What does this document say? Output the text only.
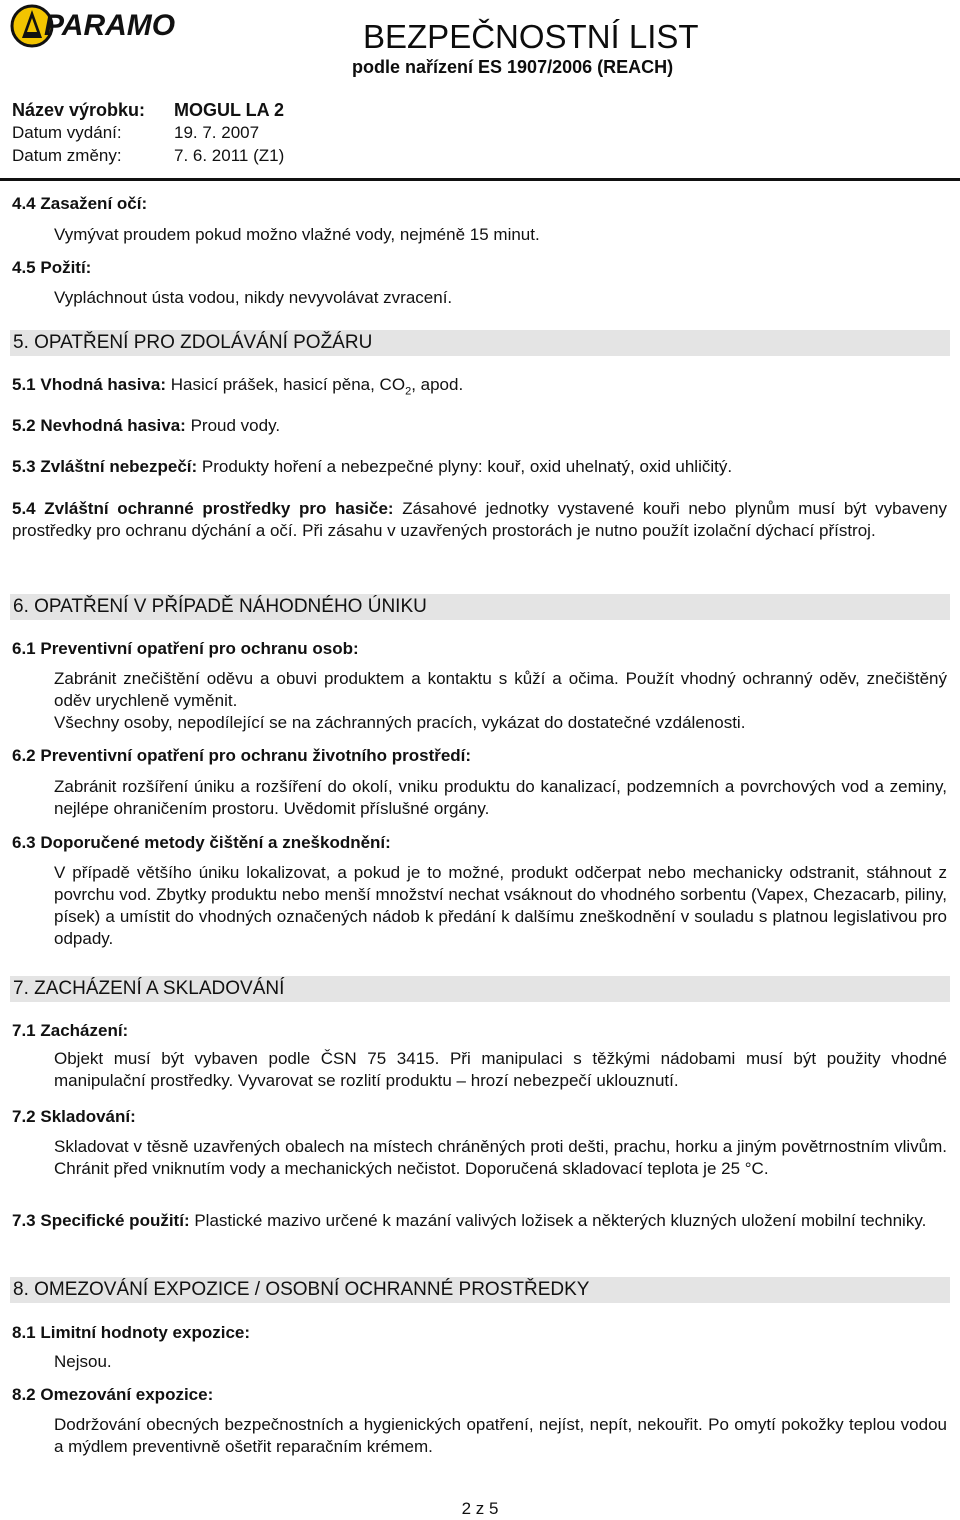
PARAMO	BEZPEČNOSTNÍ LIST
podle nařízení ES 1907/2006 (REACH)
Název výrobku: MOGUL LA 2
Datum vydání:	19. 7. 2007
Datum změny:	7. 6. 2011 (Z1)
4.4 Zasažení očí:
Vymývat proudem pokud možno vlažné vody, nejméně 15 minut.
4.5 Požití:
Vypláchnout ústa vodou, nikdy nevyvolávat zvracení.
5. OPATŘENÍ PRO ZDOLÁVÁNÍ POŽÁRU
5.1 Vhodná hasiva: Hasicí prášek, hasicí pěna, $CO_2$, apod.
5.2 Nevhodná hasiva: Proud vody.
5.3 Zvláštní nebezpečí: Produkty hoření a nebezpečné plyny: kouř, oxid uhelnatý, oxid uhličitý.
5.4 Zvláštní ochranné prostředky pro hasiče: Zásahové jednotky vystavené kouři nebo plynům musí být vybaveny prostředky pro ochranu dýchání a očí. Při zásahu v uzavřených prostorách je nutno použít izolační dýchací přístroj.
6. OPATŘENÍ V PŘÍPADĚ NÁHODNÉHO ÚNIKU
6.1 Preventivní opatření pro ochranu osob:
Zabránit znečištění oděvu a obuvi produktem a kontaktu s kůží a očima. Použít vhodný ochranný oděv, znečištěný oděv urychleně vyměnit.
Všechny osoby, nepodílející se na záchranných pracích, vykázat do dostatečné vzdálenosti.
6.2 Preventivní opatření pro ochranu životního prostředí:
Zabránit rozšíření úniku a rozšíření do okolí, vniku produktu do kanalizací, podzemních a povrchových vod a zeminy, nejlépe ohraničením prostoru. Uvědomit příslušné orgány.
6.3 Doporučené metody čištění a zneškodnění:
V případě většího úniku lokalizovat, a pokud je to možné, produkt odčerpat nebo mechanicky odstranit, stáhnout z povrchu vod. Zbytky produktu nebo menší množství nechat vsáknout do vhodného sorbentu (Vapex, Chezacarb, piliny, písek) a umístit do vhodných označených nádob k předání k dalšímu zneškodnění v souladu s platnou legislativou pro odpady.
7. ZACHÁZENÍ A SKLADOVÁNÍ
7.1 Zacházení:
Objekt musí být vybaven podle ČSN 75 3415. Při manipulaci s těžkými nádobami musí být použity vhodné manipulační prostředky. Vyvarovat se rozlití produktu – hrozí nebezpečí uklouznutí.
7.2 Skladování:
Skladovat v těsně uzavřených obalech na místech chráněných proti dešti, prachu, horku a jiným povětrnostním vlivům. Chránit před vniknutím vody a mechanických nečistot. Doporučená skladovací teplota je 25 °C.
7.3 Specifické použití: Plastické mazivo určené k mazání valivých ložisek a některých kluzných uložení mobilní techniky.
8. OMEZOVÁNÍ EXPOZICE / OSOBNÍ OCHRANNÉ PROSTŘEDKY
8.1 Limitní hodnoty expozice:
Nejsou.
8.2 Omezování expozice:
Dodržování obecných bezpečnostních a hygienických opatření, nejíst, nepít, nekouřit. Po omytí pokožky teplou vodou a mýdlem preventivně ošetřit reparačním krémem.
2 z 5
